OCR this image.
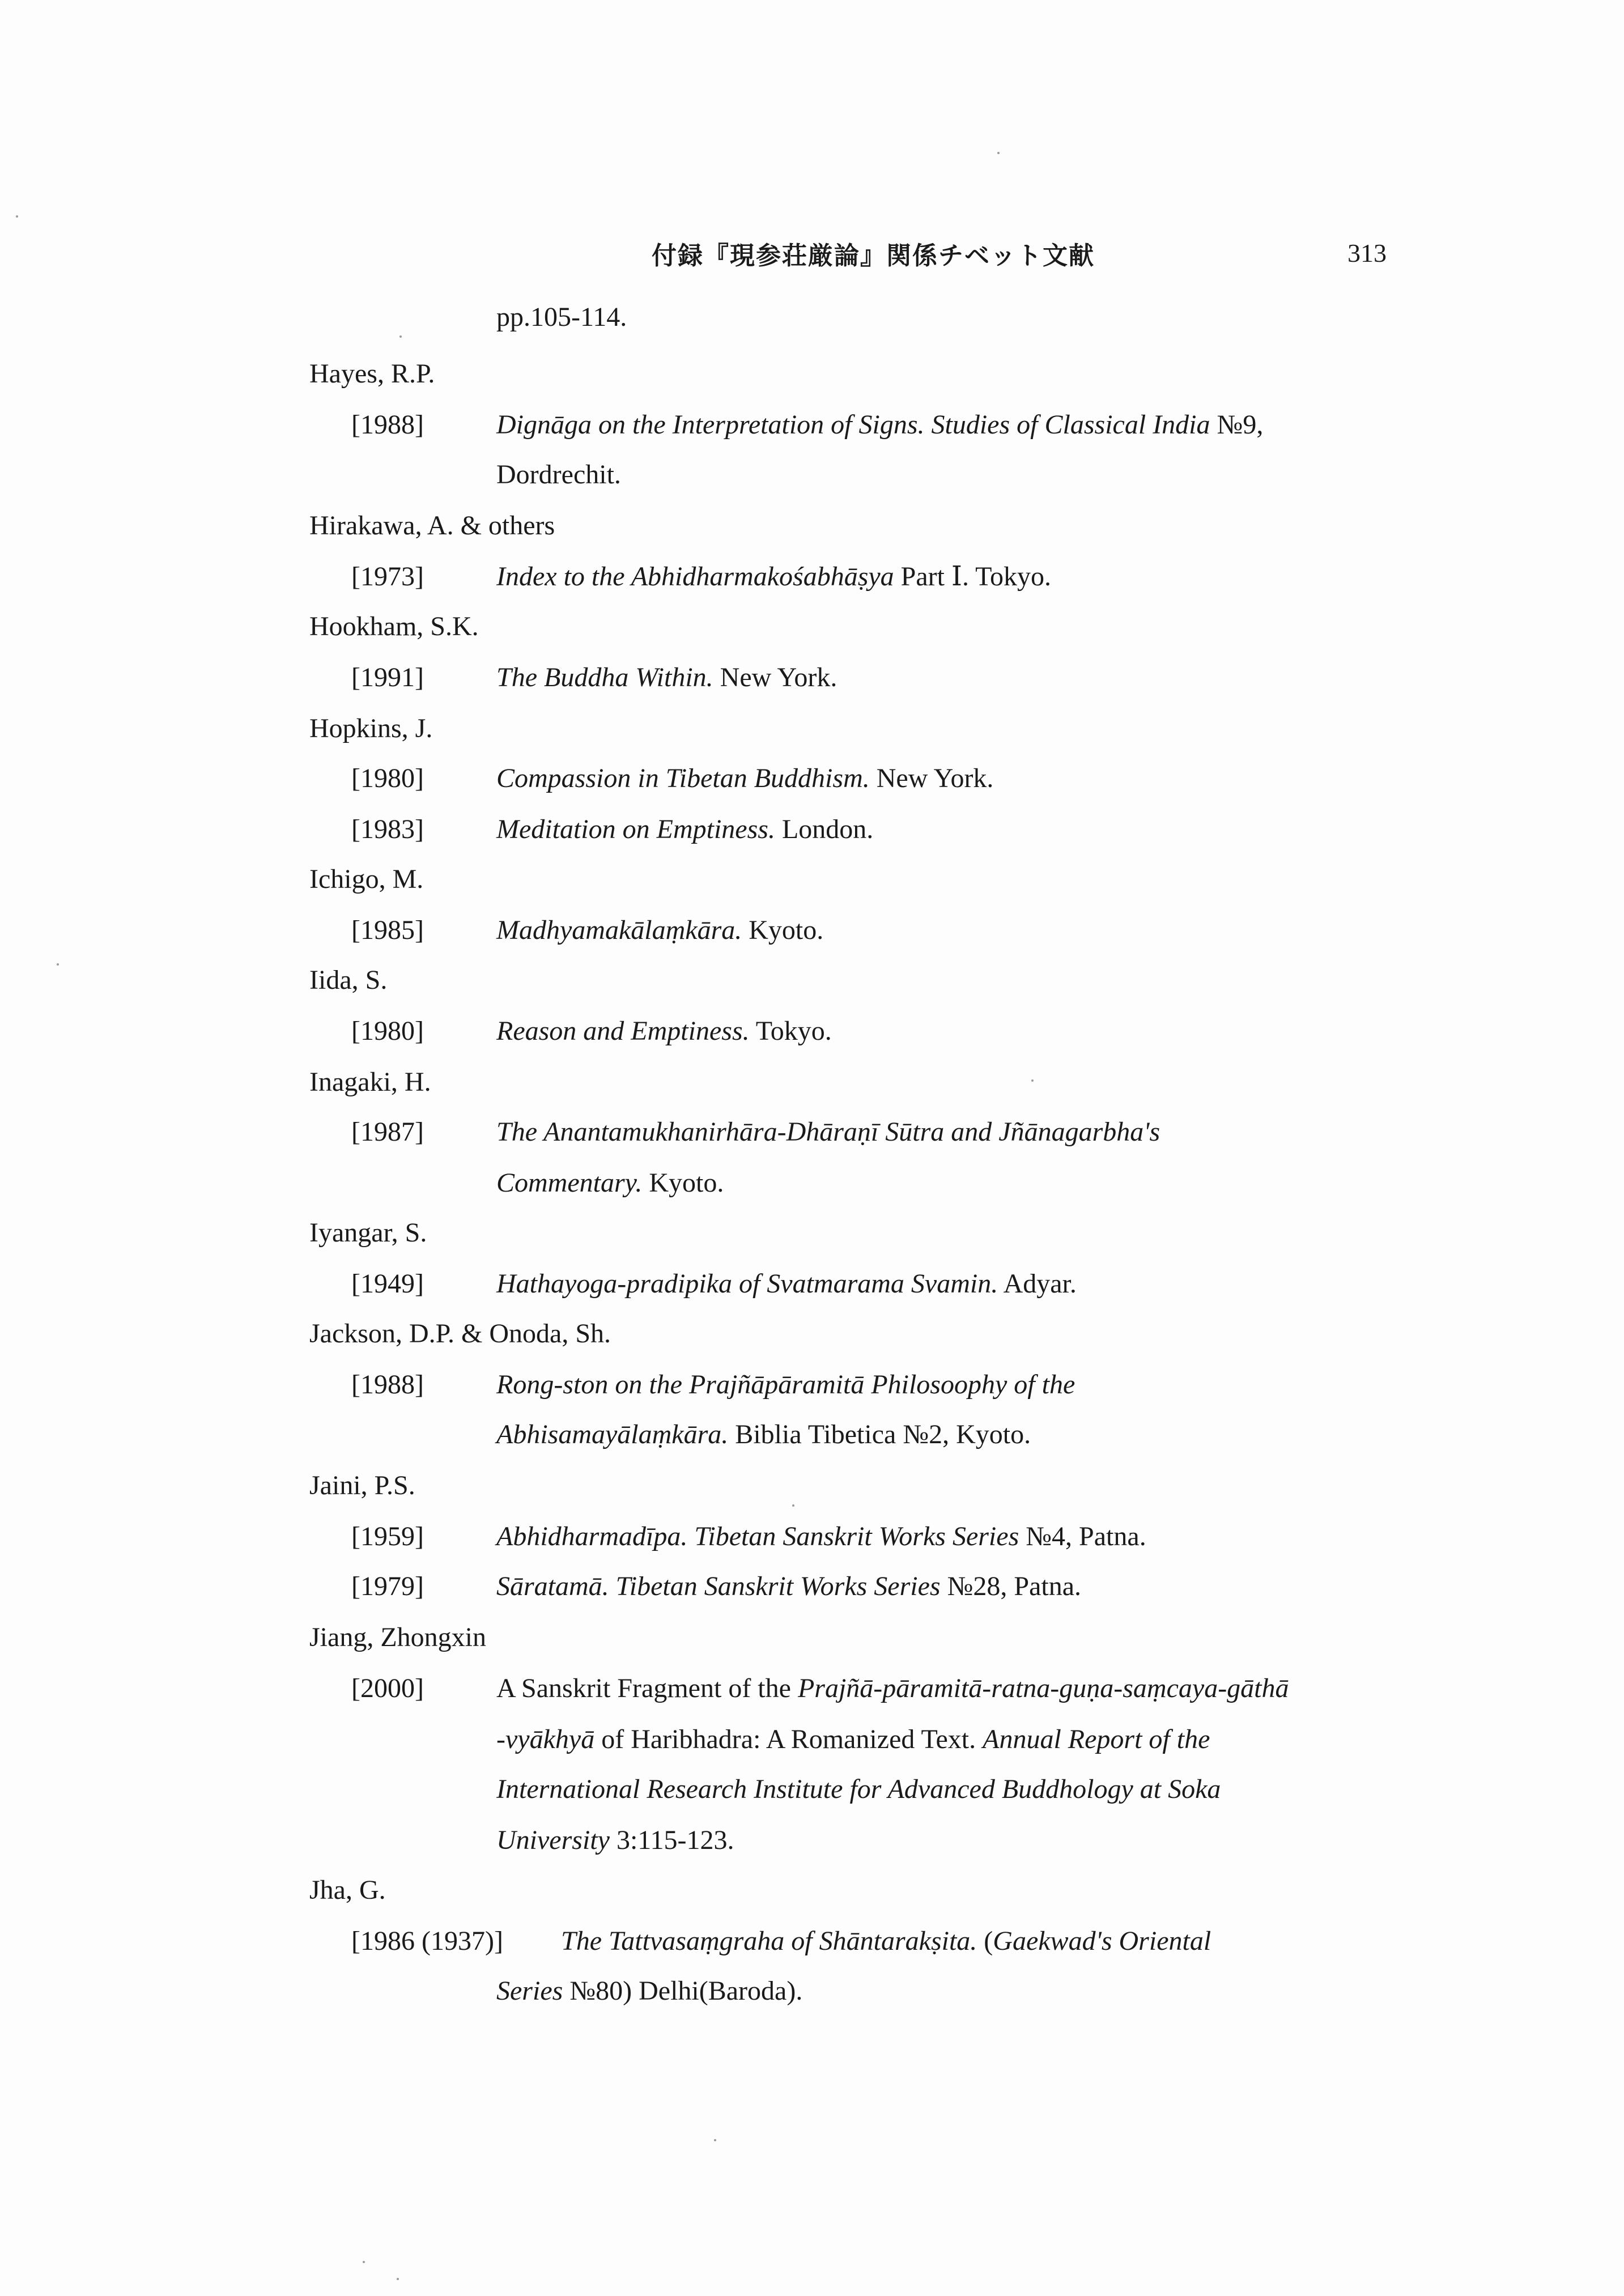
付録『現参荘厳論』関係チベット文献	313
pp.105-114.
Hayes, R.P.
[1988]	Dignāga on the Interpretation of Signs. Studies of Classical India №9,
Dordrechit.
Hirakawa, A. & others
[1973]	Index to the Abhidharmakośabhāṣya Part Ⅰ. Tokyo.
Hookham, S.K.
[1991]	The Buddha Within. New York.
Hopkins, J.
[1980]	Compassion in Tibetan Buddhism. New York.
[1983]	Meditation on Emptiness. London.
Ichigo, M.
[1985]	Madhyamakālaṃkāra. Kyoto.
Iida, S.
[1980]	Reason and Emptiness. Tokyo.
Inagaki, H.
[1987]	The Anantamukhanirhāra-Dhāraṇī Sūtra and Jñānagarbha's
Commentary. Kyoto.
Iyangar, S.
[1949]	Hathayoga-pradipika of Svatmarama Svamin. Adyar.
Jackson, D.P. & Onoda, Sh.
[1988]	Rong-ston on the Prajñāpāramitā Philosoophy of the
Abhisamayālaṃkāra. Biblia Tibetica №2, Kyoto.
Jaini, P.S.
[1959]	Abhidharmadīpa. Tibetan Sanskrit Works Series №4, Patna.
[1979]	Sāratamā. Tibetan Sanskrit Works Series №28, Patna.
Jiang, Zhongxin
[2000]	A Sanskrit Fragment of the Prajñā-pāramitā-ratna-guṇa-saṃcaya-gāthā
-vyākhyā of Haribhadra: A Romanized Text. Annual Report of the
International Research Institute for Advanced Buddhology at Soka
University 3:115-123.
Jha, G.
[1986 (1937)] The Tattvasaṃgraha of Shāntarakṣita. (Gaekwad's Oriental
Series №80) Delhi(Baroda).
